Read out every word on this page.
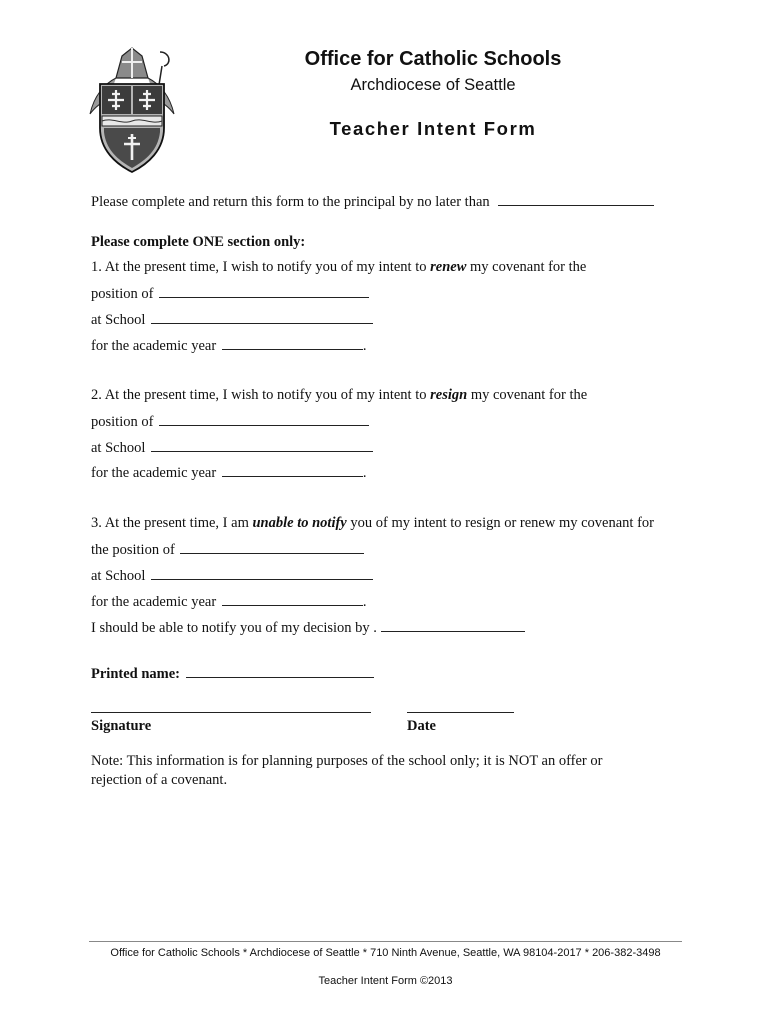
Office for Catholic Schools
Archdiocese of Seattle
Teacher Intent Form
Please complete and return this form to the principal by no later than
Please complete ONE section only:
1. At the present time, I wish to notify you of my intent to renew my covenant for the
position of
at School
for the academic year	.
2. At the present time, I wish to notify you of my intent to resign my covenant for the
position of
at School
for the academic year	.
3. At the present time, I am unable to notify you of my intent to resign or renew my covenant for
the position of
at School
for the academic year	.
I should be able to notify you of my decision by .
Printed name:
Signature	Date
Note: This information is for planning purposes of the school only; it is NOT an offer or
rejection of a covenant.
Office for Catholic Schools * Archdiocese of Seattle * 710 Ninth Avenue, Seattle, WA 98104-2017 * 206-382-3498
Teacher Intent Form ©2013
